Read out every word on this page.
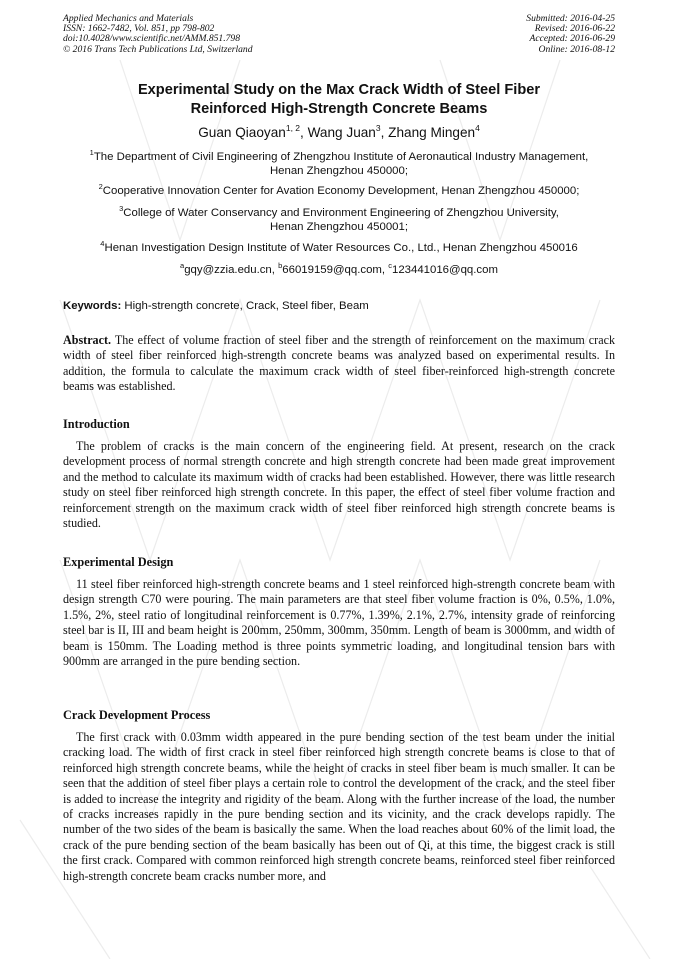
Applied Mechanics and Materials
ISSN: 1662-7482, Vol. 851, pp 798-802
doi:10.4028/www.scientific.net/AMM.851.798
© 2016 Trans Tech Publications Ltd, Switzerland
Submitted: 2016-04-25
Revised: 2016-06-22
Accepted: 2016-06-29
Online: 2016-08-12
Experimental Study on the Max Crack Width of Steel Fiber
Reinforced High-Strength Concrete Beams
Guan Qiaoyan$^{1, 2}$, Wang Juan$^3$, Zhang Mingen$^4$
$^1$The Department of Civil Engineering of Zhengzhou Institute of Aeronautical Industry Management,
Henan Zhengzhou 450000;
$^2$Cooperative Innovation Center for Avation Economy Development, Henan Zhengzhou 450000;
$^3$College of Water Conservancy and Environment Engineering of Zhengzhou University,
Henan Zhengzhou 450001;
$^4$Henan Investigation Design Institute of Water Resources Co., Ltd., Henan Zhengzhou 450016
$^a$gqy@zzia.edu.cn, $^b$66019159@qq.com, $^c$123441016@qq.com
Keywords: High-strength concrete, Crack, Steel fiber, Beam
Abstract. The effect of volume fraction of steel fiber and the strength of reinforcement on the maximum crack width of steel fiber reinforced high-strength concrete beams was analyzed based on experimental results. In addition, the formula to calculate the maximum crack width of steel fiber-reinforced high-strength concrete beams was established.
Introduction
The problem of cracks is the main concern of the engineering field. At present, research on the crack development process of normal strength concrete and high strength concrete had been made great improvement and the method to calculate its maximum width of cracks had been established. However, there was little research study on steel fiber reinforced high strength concrete. In this paper, the effect of steel fiber volume fraction and reinforcement strength on the maximum crack width of steel fiber reinforced high strength concrete beams is studied.
Experimental Design
11 steel fiber reinforced high-strength concrete beams and 1 steel reinforced high-strength concrete beam with design strength C70 were pouring. The main parameters are that steel fiber volume fraction is 0%, 0.5%, 1.0%, 1.5%, 2%, steel ratio of longitudinal reinforcement is 0.77%, 1.39%, 2.1%, 2.7%, intensity grade of reinforcing steel bar is II, III and beam height is 200mm, 250mm, 300mm, 350mm. Length of beam is 3000mm, and width of beam is 150mm. The Loading method is three points symmetric loading, and longitudinal tension bars with 900mm are arranged in the pure bending section.
Crack Development Process
The first crack with 0.03mm width appeared in the pure bending section of the test beam under the initial cracking load. The width of first crack in steel fiber reinforced high strength concrete beams is close to that of reinforced high strength concrete beams, while the height of cracks in steel fiber beam is much smaller. It can be seen that the addition of steel fiber plays a certain role to control the development of the crack, and the steel fiber is added to increase the integrity and rigidity of the beam. Along with the further increase of the load, the number of cracks increases rapidly in the pure bending section and its vicinity, and the crack develops rapidly. The number of the two sides of the beam is basically the same. When the load reaches about 60% of the limit load, the crack of the pure bending section of the beam basically has been out of Qi, at this time, the biggest crack is still the first crack. Compared with common reinforced high strength concrete beams, reinforced steel fiber reinforced high-strength concrete beam cracks number more, and
